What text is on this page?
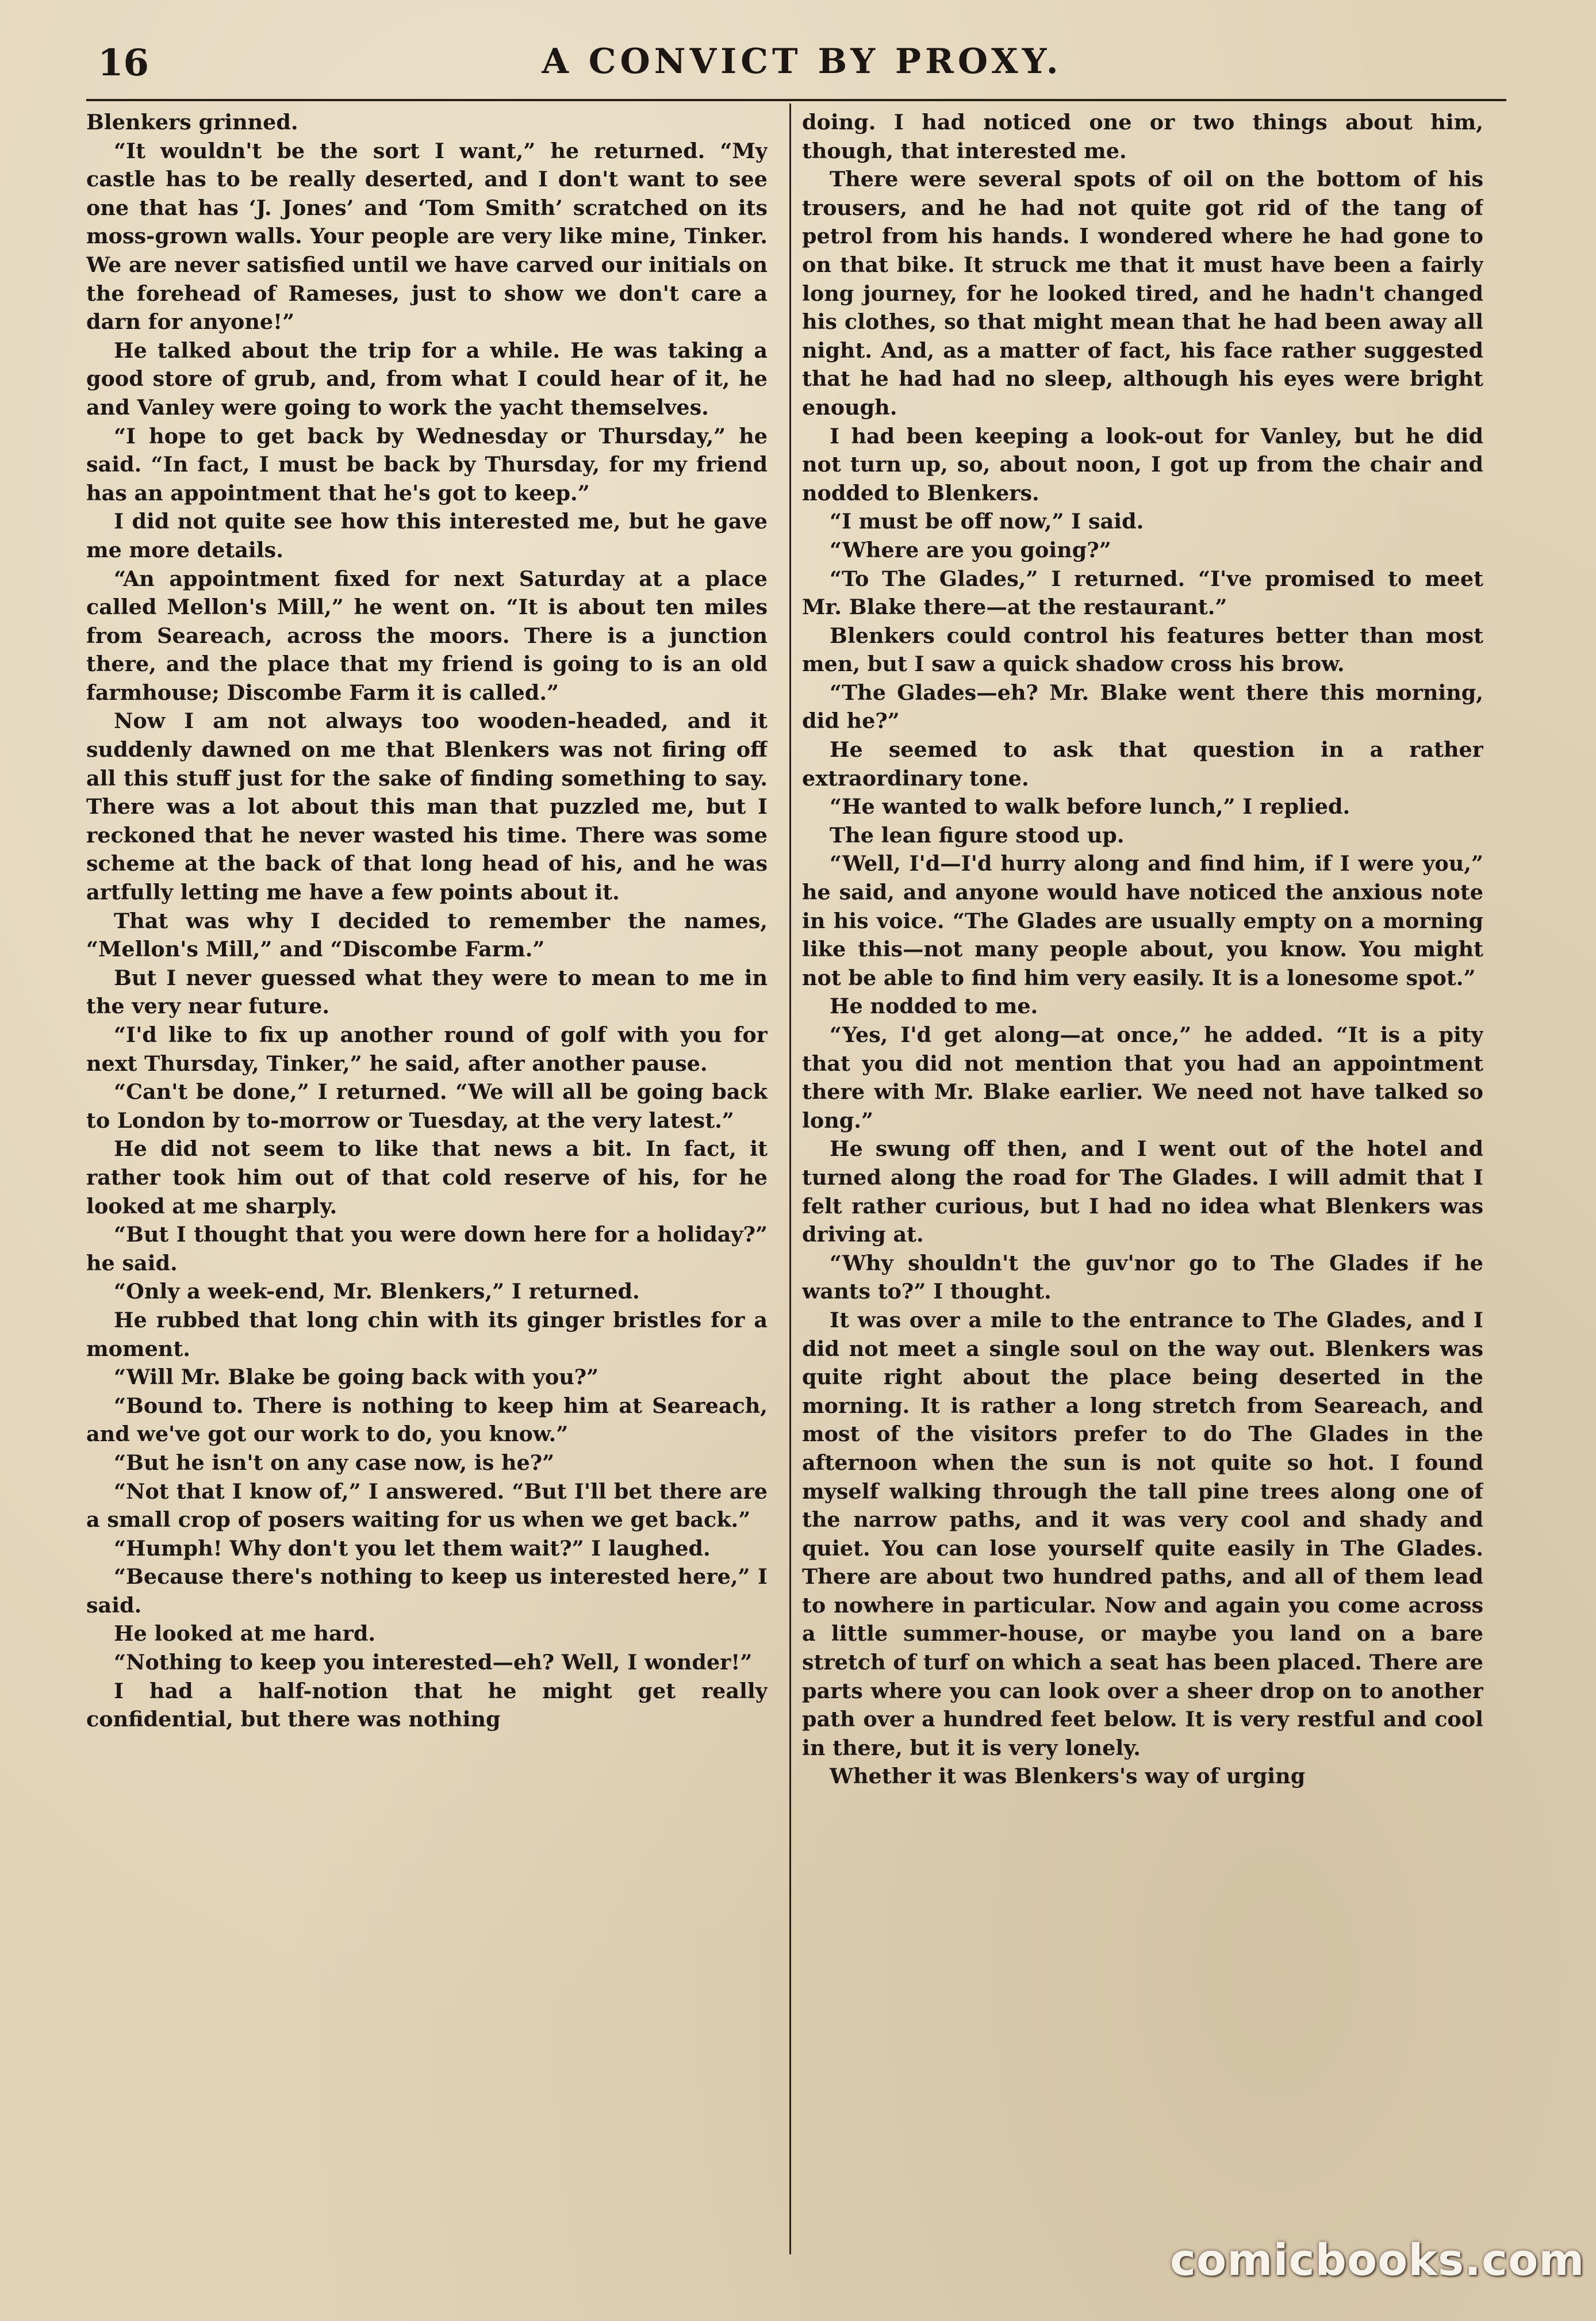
16	A CONVICT BY PROXY.

Blenkers grinned.

“It wouldn't be the sort I want,” he returned. “My castle has to be really deserted, and I don't want to see one that has ‘J. Jones’ and ‘Tom Smith’ scratched on its moss-grown walls. Your people are very like mine, Tinker. We are never satisfied until we have carved our initials on the forehead of Rameses, just to show we don't care a darn for anyone!”

He talked about the trip for a while. He was taking a good store of grub, and, from what I could hear of it, he and Vanley were going to work the yacht themselves.

“I hope to get back by Wednesday or Thursday,” he said. “In fact, I must be back by Thursday, for my friend has an appointment that he's got to keep.”

I did not quite see how this interested me, but he gave me more details.

“An appointment fixed for next Saturday at a place called Mellon's Mill,” he went on. “It is about ten miles from Seareach, across the moors. There is a junction there, and the place that my friend is going to is an old farmhouse; Discombe Farm it is called.”

Now I am not always too wooden-headed, and it suddenly dawned on me that Blenkers was not firing off all this stuff just for the sake of finding something to say. There was a lot about this man that puzzled me, but I reckoned that he never wasted his time. There was some scheme at the back of that long head of his, and he was artfully letting me have a few points about it.

That was why I decided to remember the names, “Mellon's Mill,” and “Discombe Farm.”

But I never guessed what they were to mean to me in the very near future.

“I'd like to fix up another round of golf with you for next Thursday, Tinker,” he said, after another pause.

“Can't be done,” I returned. “We will all be going back to London by to-morrow or Tuesday, at the very latest.”

He did not seem to like that news a bit. In fact, it rather took him out of that cold reserve of his, for he looked at me sharply.

“But I thought that you were down here for a holiday?” he said.

“Only a week-end, Mr. Blenkers,” I returned.

He rubbed that long chin with its ginger bristles for a moment.

“Will Mr. Blake be going back with you?”

“Bound to. There is nothing to keep him at Seareach, and we've got our work to do, you know.”

“But he isn't on any case now, is he?”

“Not that I know of,” I answered. “But I'll bet there are a small crop of posers waiting for us when we get back.”

“Humph! Why don't you let them wait?” I laughed.

“Because there's nothing to keep us interested here,” I said.

He looked at me hard.

“Nothing to keep you interested—eh? Well, I wonder!”

I had a half-notion that he might get really confidential, but there was nothing

doing. I had noticed one or two things about him, though, that interested me.

There were several spots of oil on the bottom of his trousers, and he had not quite got rid of the tang of petrol from his hands. I wondered where he had gone to on that bike. It struck me that it must have been a fairly long journey, for he looked tired, and he hadn't changed his clothes, so that might mean that he had been away all night. And, as a matter of fact, his face rather suggested that he had had no sleep, although his eyes were bright enough.

I had been keeping a look-out for Vanley, but he did not turn up, so, about noon, I got up from the chair and nodded to Blenkers.

“I must be off now,” I said.

“Where are you going?”

“To The Glades,” I returned. “I've promised to meet Mr. Blake there—at the restaurant.”

Blenkers could control his features better than most men, but I saw a quick shadow cross his brow.

“The Glades—eh? Mr. Blake went there this morning, did he?”

He seemed to ask that question in a rather extraordinary tone.

“He wanted to walk before lunch,” I replied.

The lean figure stood up.

“Well, I'd—I'd hurry along and find him, if I were you,” he said, and anyone would have noticed the anxious note in his voice. “The Glades are usually empty on a morning like this—not many people about, you know. You might not be able to find him very easily. It is a lonesome spot.”

He nodded to me.

“Yes, I'd get along—at once,” he added. “It is a pity that you did not mention that you had an appointment there with Mr. Blake earlier. We need not have talked so long.”

He swung off then, and I went out of the hotel and turned along the road for The Glades. I will admit that I felt rather curious, but I had no idea what Blenkers was driving at.

“Why shouldn't the guv'nor go to The Glades if he wants to?” I thought.

It was over a mile to the entrance to The Glades, and I did not meet a single soul on the way out. Blenkers was quite right about the place being deserted in the morning. It is rather a long stretch from Seareach, and most of the visitors prefer to do The Glades in the afternoon when the sun is not quite so hot. I found myself walking through the tall pine trees along one of the narrow paths, and it was very cool and shady and quiet. You can lose yourself quite easily in The Glades. There are about two hundred paths, and all of them lead to nowhere in particular. Now and again you come across a little summer-house, or maybe you land on a bare stretch of turf on which a seat has been placed. There are parts where you can look over a sheer drop on to another path over a hundred feet below. It is very restful and cool in there, but it is very lonely.

Whether it was Blenkers's way of urging

comicbooks.com
